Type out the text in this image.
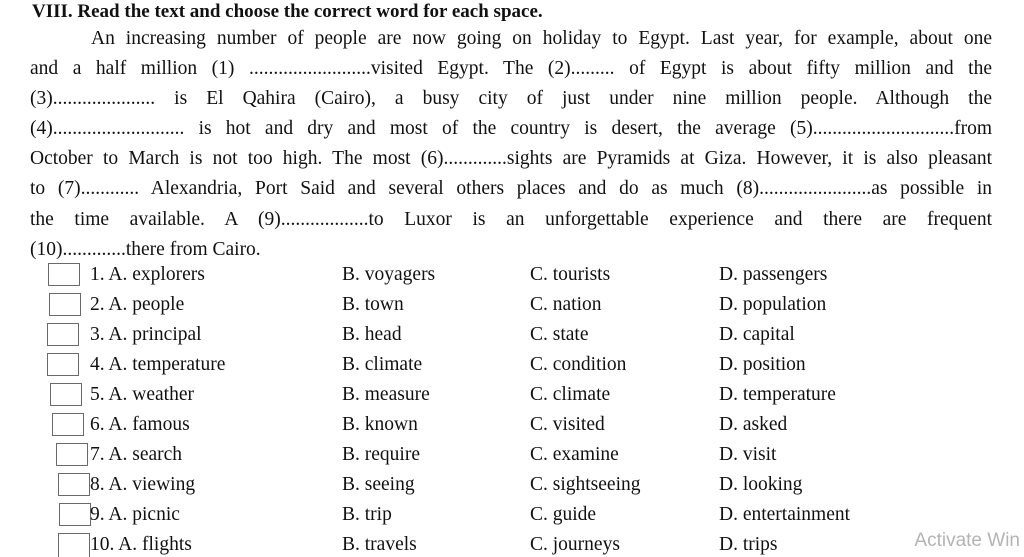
VIII. Read the text and choose the correct word for each space.
An increasing number of people are now going on holiday to Egypt. Last year, for example, about one
and a half million (1) .........................visited Egypt. The (2)......... of Egypt is about fifty million and the
(3)..................... is El Qahira (Cairo), a busy city of just under nine million people. Although the
(4)........................... is hot and dry and most of the country is desert, the average (5).............................from
October to March is not too high. The most (6).............sights are Pyramids at Giza. However, it is also pleasant
to (7)............ Alexandria, Port Said and several others places and do as much (8).......................as possible in
the time available. A (9)..................to Luxor is an unforgettable experience and there are frequent
(10).............there from Cairo.
1. A. explorers	B. voyagers	C. tourists	D. passengers
2. A. people	B. town	C. nation	D. population
3. A. principal	B. head	C. state	D. capital
4. A. temperature	B. climate	C. condition	D. position
5. A. weather	B. measure	C. climate	D. temperature
6. A. famous	B. known	C. visited	D. asked
7. A. search	B. require	C. examine	D. visit
8. A. viewing	B. seeing	C. sightseeing	D. looking
9. A. picnic	B. trip	C. guide	D. entertainment
10. A. flights	B. travels	C. journeys	D. trips	Activate Win
